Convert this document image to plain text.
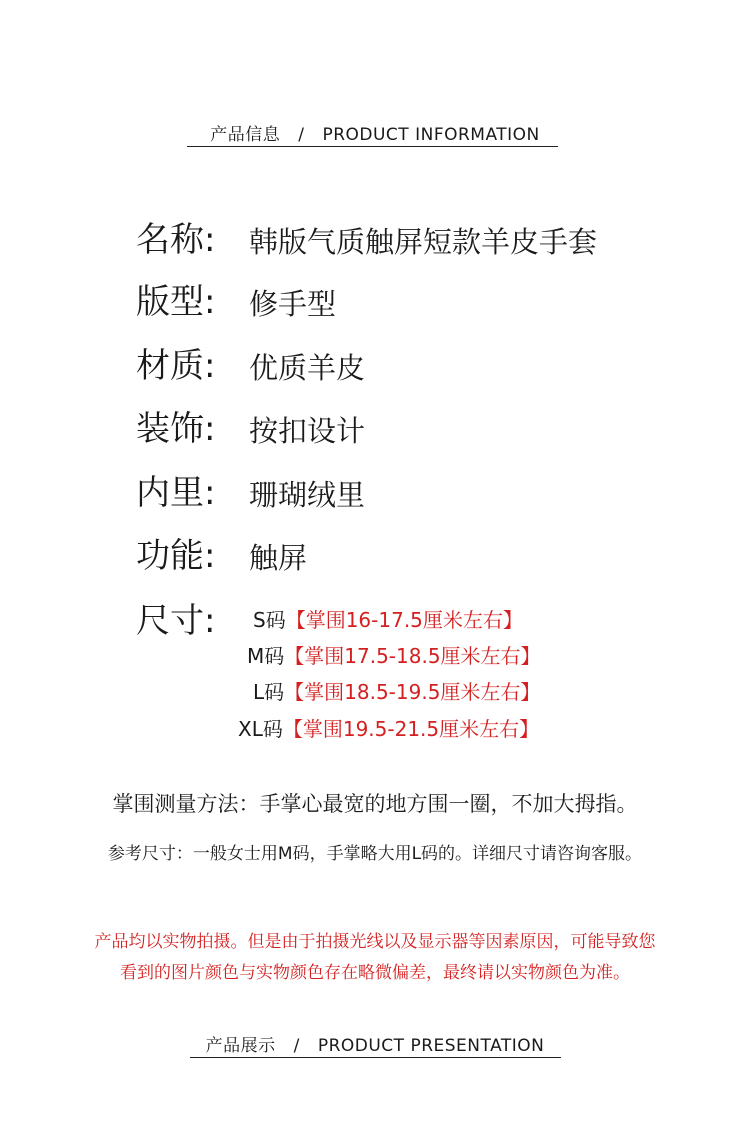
产品信息 / PRODUCT INFORMATION
名称: 韩版气质触屏短款羊皮手套
版型: 修手型
材质: 优质羊皮
装饰: 按扣设计
内里: 珊瑚绒里
功能: 触屏
尺寸: S码【掌围16-17.5厘米左右】
M码【掌围17.5-18.5厘米左右】
L码【掌围18.5-19.5厘米左右】
XL码【掌围19.5-21.5厘米左右】
掌围测量方法：手掌心最宽的地方围一圈，不加大拇指。
参考尺寸：一般女士用M码，手掌略大用L码的。详细尺寸请咨询客服。
产品均以实物拍摄。但是由于拍摄光线以及显示器等因素原因，可能导致您
看到的图片颜色与实物颜色存在略微偏差，最终请以实物颜色为准。
产品展示 / PRODUCT PRESENTATION
